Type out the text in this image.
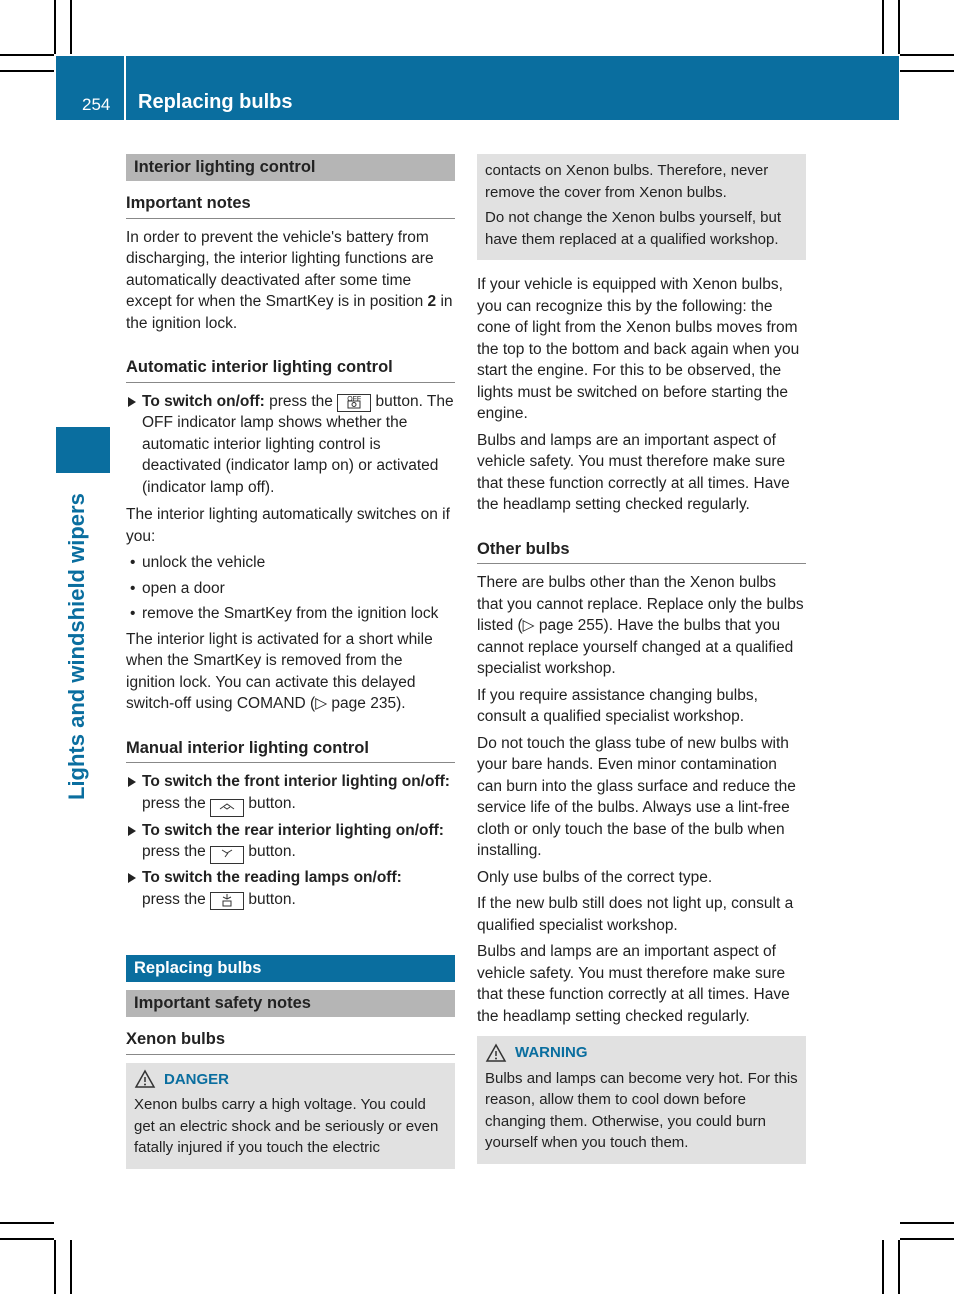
254 Replacing bulbs
Lights and windshield wipers
Interior lighting control
Important notes

In order to prevent the vehicle's battery from discharging, the interior lighting functions are automatically deactivated after some time except for when the SmartKey is in position 2 in the ignition lock.

Automatic interior lighting control
To switch on/off: press the	OFF button. The OFF indicator lamp shows whether the automatic interior lighting control is deactivated (indicator lamp on) or activated (indicator lamp off).

The interior lighting automatically switches on if you:

• unlock the vehicle
• open a door
• remove the SmartKey from the ignition lock

The interior light is activated for a short while when the SmartKey is removed from the ignition lock. You can activate this delayed switch-off using COMAND (▷ page 235).

Manual interior lighting control
To switch the front interior lighting on/off: press the  button.
To switch the rear interior lighting on/off: press the  button.
To switch the reading lamps on/off:
press the  button.
Replacing bulbs
Important safety notes
Xenon bulbs
DANGER

Xenon bulbs carry a high voltage. You could get an electric shock and be seriously or even fatally injured if you touch the electric

contacts on Xenon bulbs. Therefore, never remove the cover from Xenon bulbs.

Do not change the Xenon bulbs yourself, but have them replaced at a qualified workshop.

If your vehicle is equipped with Xenon bulbs, you can recognize this by the following: the cone of light from the Xenon bulbs moves from the top to the bottom and back again when you start the engine. For this to be observed, the lights must be switched on before starting the engine.

Bulbs and lamps are an important aspect of vehicle safety. You must therefore make sure that these function correctly at all times. Have the headlamp setting checked regularly.

Other bulbs

There are bulbs other than the Xenon bulbs that you cannot replace. Replace only the bulbs listed (▷ page 255). Have the bulbs that you cannot replace yourself changed at a qualified specialist workshop.

If you require assistance changing bulbs, consult a qualified specialist workshop.

Do not touch the glass tube of new bulbs with your bare hands. Even minor contamination can burn into the glass surface and reduce the service life of the bulbs. Always use a lint-free cloth or only touch the base of the bulb when installing.

Only use bulbs of the correct type.

If the new bulb still does not light up, consult a qualified specialist workshop.

Bulbs and lamps are an important aspect of vehicle safety. You must therefore make sure that these function correctly at all times. Have the headlamp setting checked regularly.

WARNING

Bulbs and lamps can become very hot. For this reason, allow them to cool down before changing them. Otherwise, you could burn yourself when you touch them.
